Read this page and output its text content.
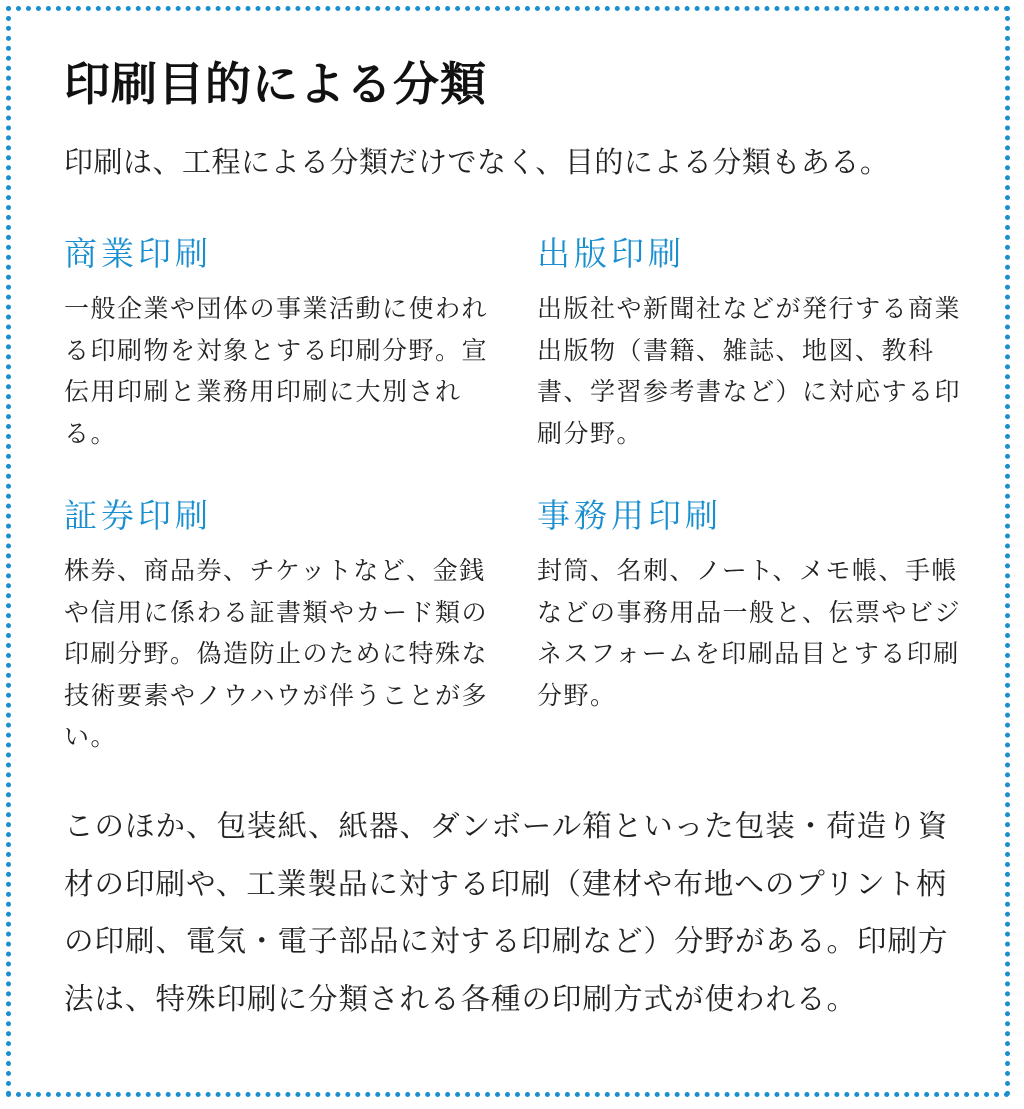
印刷目的による分類
印刷は、工程による分類だけでなく、目的による分類もある。
商業印刷

一般企業や団体の事業活動に使われる印刷物を対象とする印刷分野。宣伝用印刷と業務用印刷に大別される。

出版印刷

出版社や新聞社などが発行する商業出版物（書籍、雑誌、地図、教科書、学習参考書など）に対応する印刷分野。

証券印刷

株券、商品券、チケットなど、金銭や信用に係わる証書類やカード類の印刷分野。偽造防止のために特殊な技術要素やノウハウが伴うことが多い。

事務用印刷

封筒、名刺、ノート、メモ帳、手帳などの事務用品一般と、伝票やビジネスフォームを印刷品目とする印刷分野。

このほか、包装紙、紙器、ダンボール箱といった包装・荷造り資材の印刷や、工業製品に対する印刷（建材や布地へのプリント柄の印刷、電気・電子部品に対する印刷など）分野がある。印刷方法は、特殊印刷に分類される各種の印刷方式が使われる。
